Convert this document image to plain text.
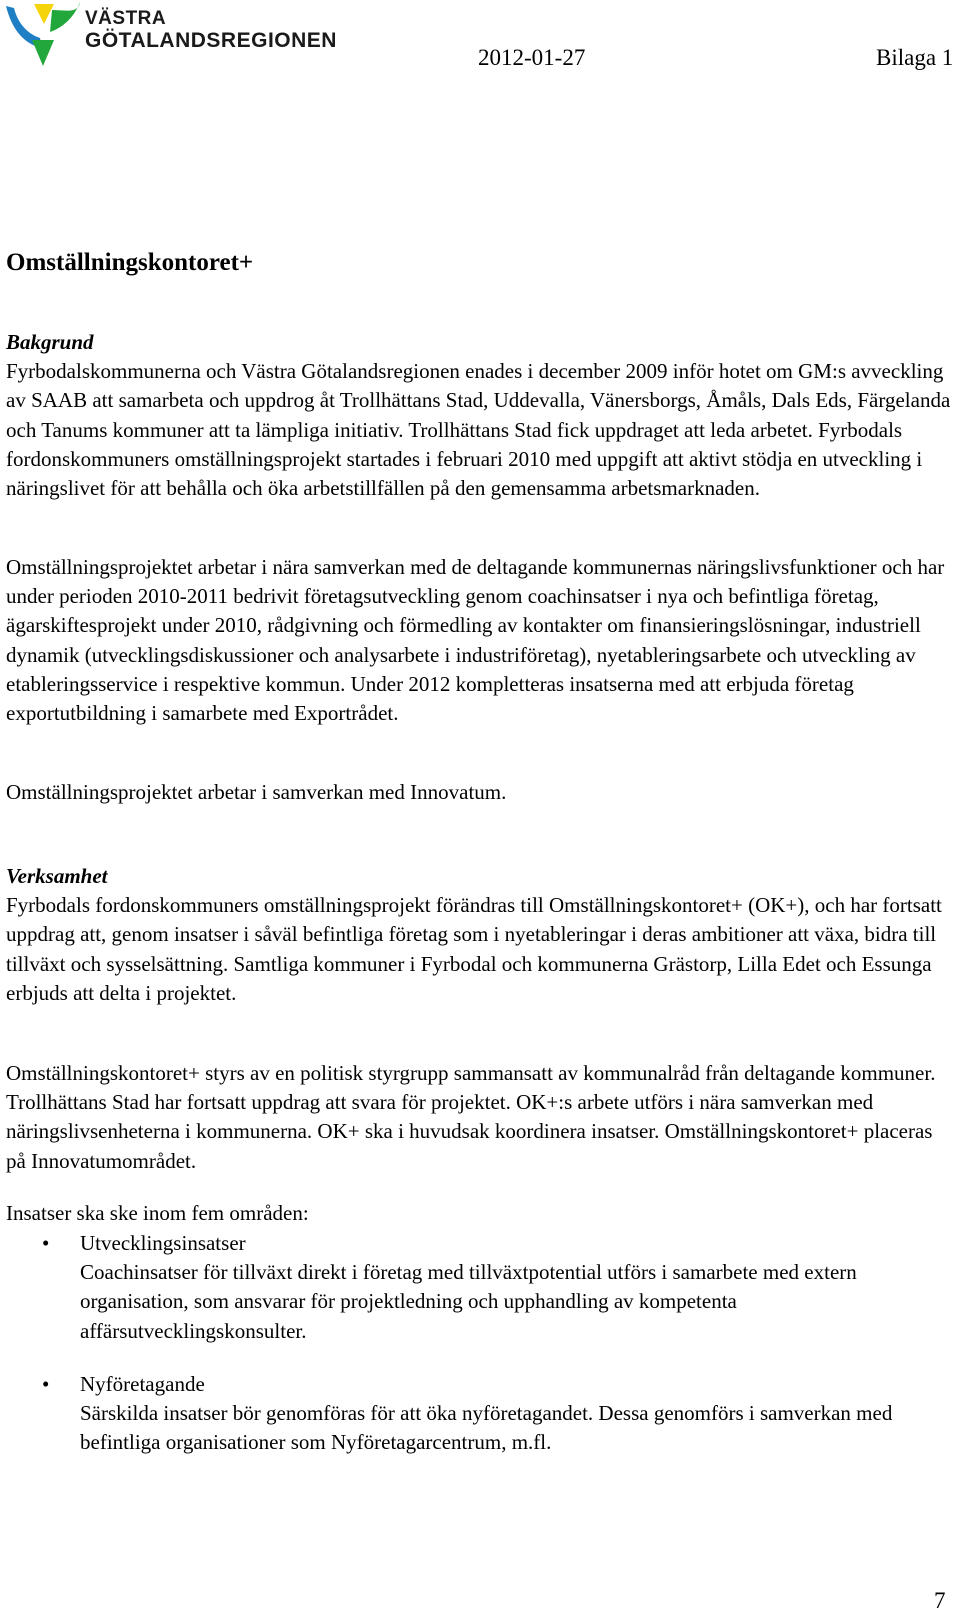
VÄSTRA
GÖTALANDSREGIONEN
2012-01-27	Bilaga 1
Omställningskontoret+
Bakgrund

Fyrbodalskommunerna och Västra Götalandsregionen enades i december 2009 inför hotet om GM:s avveckling av SAAB att samarbeta och uppdrog åt Trollhättans Stad, Uddevalla, Vänersborgs, Åmåls, Dals Eds, Färgelanda och Tanums kommuner att ta lämpliga initiativ. Trollhättans Stad fick uppdraget att leda arbetet. Fyrbodals fordonskommuners omställningsprojekt startades i februari 2010 med uppgift att aktivt stödja en utveckling i näringslivet för att behålla och öka arbetstillfällen på den gemensamma arbetsmarknaden.

Omställningsprojektet arbetar i nära samverkan med de deltagande kommunernas näringslivsfunktioner och har under perioden 2010-2011 bedrivit företagsutveckling genom coachinsatser i nya och befintliga företag, ägarskiftesprojekt under 2010, rådgivning och förmedling av kontakter om finansieringslösningar, industriell dynamik (utvecklingsdiskussioner och analysarbete i industriföretag), nyetableringsarbete och utveckling av etableringsservice i respektive kommun. Under 2012 kompletteras insatserna med att erbjuda företag exportutbildning i samarbete med Exportrådet.

Omställningsprojektet arbetar i samverkan med Innovatum.

Verksamhet

Fyrbodals fordonskommuners omställningsprojekt förändras till Omställningskontoret+ (OK+), och har fortsatt uppdrag att, genom insatser i såväl befintliga företag som i nyetableringar i deras ambitioner att växa, bidra till tillväxt och sysselsättning. Samtliga kommuner i Fyrbodal och kommunerna Grästorp, Lilla Edet och Essunga erbjuds att delta i projektet.

Omställningskontoret+ styrs av en politisk styrgrupp sammansatt av kommunalråd från deltagande kommuner. Trollhättans Stad har fortsatt uppdrag att svara för projektet. OK+:s arbete utförs i nära samverkan med näringslivsenheterna i kommunerna. OK+ ska i huvudsak koordinera insatser. Omställningskontoret+ placeras på Innovatumområdet.

Insatser ska ske inom fem områden:

• Utvecklingsinsatser
Coachinsatser för tillväxt direkt i företag med tillväxtpotential utförs i samarbete med extern organisation, som ansvarar för projektledning och upphandling av kompetenta affärsutvecklingskonsulter.
• Nyföretagande
Särskilda insatser bör genomföras för att öka nyföretagandet. Dessa genomförs i samverkan med befintliga organisationer som Nyföretagarcentrum, m.fl.
7
